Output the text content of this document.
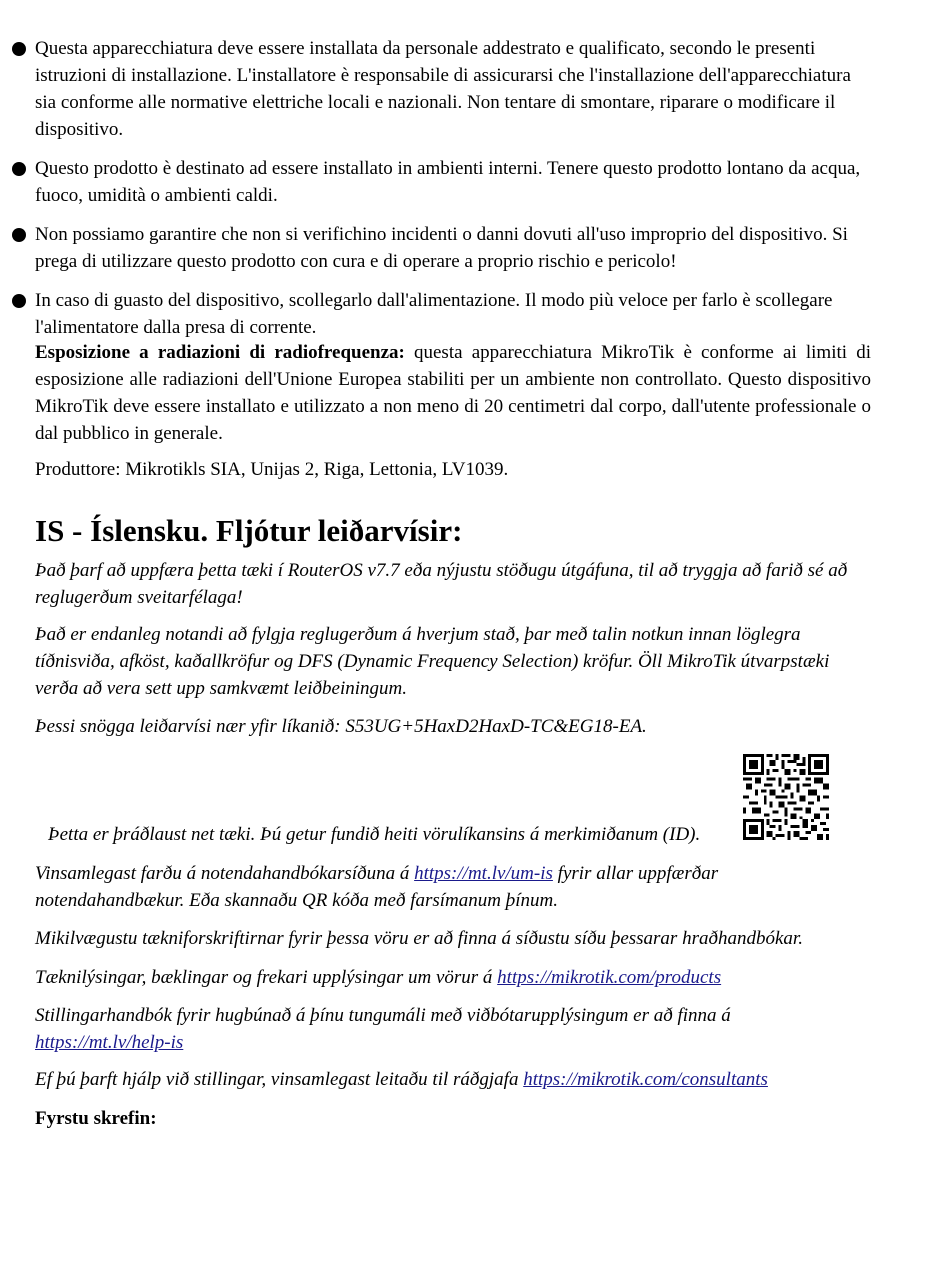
Questa apparecchiatura deve essere installata da personale addestrato e qualificato, secondo le presenti istruzioni di installazione. L'installatore è responsabile di assicurarsi che l'installazione dell'apparecchiatura sia conforme alle normative elettriche locali e nazionali. Non tentare di smontare, riparare o modificare il dispositivo.
Questo prodotto è destinato ad essere installato in ambienti interni. Tenere questo prodotto lontano da acqua, fuoco, umidità o ambienti caldi.
Non possiamo garantire che non si verifichino incidenti o danni dovuti all'uso improprio del dispositivo. Si prega di utilizzare questo prodotto con cura e di operare a proprio rischio e pericolo!
In caso di guasto del dispositivo, scollegarlo dall'alimentazione. Il modo più veloce per farlo è scollegare l'alimentatore dalla presa di corrente.

Esposizione a radiazioni di radiofrequenza: questa apparecchiatura MikroTik è conforme ai limiti di esposizione alle radiazioni dell'Unione Europea stabiliti per un ambiente non controllato. Questo dispositivo MikroTik deve essere installato e utilizzato a non meno di 20 centimetri dal corpo, dall'utente professionale o dal pubblico in generale.

Produttore: Mikrotikls SIA, Unijas 2, Riga, Lettonia, LV1039.

IS - Íslensku. Fljótur leiðarvísir:

Það þarf að uppfæra þetta tæki í RouterOS v7.7 eða nýjustu stöðugu útgáfuna, til að tryggja að farið sé að reglugerðum sveitarfélaga!

Það er endanleg notandi að fylgja reglugerðum á hverjum stað, þar með talin notkun innan löglegra tíðnisviða, afköst, kaðallkröfur og DFS (Dynamic Frequency Selection) kröfur. Öll MikroTik útvarpstæki verða að vera sett upp samkvæmt leiðbeiningum.

Þessi snögga leiðarvísi nær yfir líkanið: S53UG+5HaxD2HaxD-TC&EG18-EA.

Þetta er þráðlaust net tæki. Þú getur fundið heiti vörulíkansins á merkimiðanum (ID).

Vinsamlegast farðu á notendahandbókarsíðuna á https://mt.lv/um-is fyrir allar uppfærðar notendahandbækur. Eða skannaðu QR kóða með farsímanum þínum.

Mikilvægustu tækniforskriftirnar fyrir þessa vöru er að finna á síðustu síðu þessarar hraðhandbókar.

Tæknilýsingar, bæklingar og frekari upplýsingar um vörur á https://mikrotik.com/products

Stillingarhandbók fyrir hugbúnað á þínu tungumáli með viðbótarupplýsingum er að finna á https://mt.lv/help-is

Ef þú þarft hjálp við stillingar, vinsamlegast leitaðu til ráðgjafa https://mikrotik.com/consultants

Fyrstu skrefin:
